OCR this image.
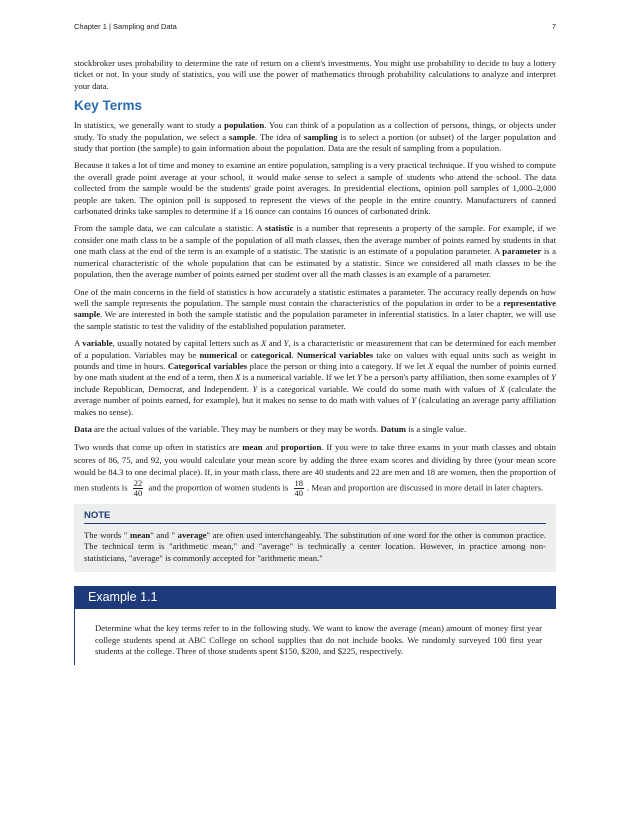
Chapter 1 | Sampling and Data	7

stockbroker uses probability to determine the rate of return on a client's investments. You might use probability to decide to buy a lottery ticket or not. In your study of statistics, you will use the power of mathematics through probability calculations to analyze and interpret your data.

Key Terms

In statistics, we generally want to study a population. You can think of a population as a collection of persons, things, or objects under study. To study the population, we select a sample. The idea of sampling is to select a portion (or subset) of the larger population and study that portion (the sample) to gain information about the population. Data are the result of sampling from a population.

Because it takes a lot of time and money to examine an entire population, sampling is a very practical technique. If you wished to compute the overall grade point average at your school, it would make sense to select a sample of students who attend the school. The data collected from the sample would be the students' grade point averages. In presidential elections, opinion poll samples of 1,000–2,000 people are taken. The opinion poll is supposed to represent the views of the people in the entire country. Manufacturers of canned carbonated drinks take samples to determine if a 16 ounce can contains 16 ounces of carbonated drink.

From the sample data, we can calculate a statistic. A statistic is a number that represents a property of the sample. For example, if we consider one math class to be a sample of the population of all math classes, then the average number of points earned by students in that one math class at the end of the term is an example of a statistic. The statistic is an estimate of a population parameter. A parameter is a numerical characteristic of the whole population that can be estimated by a statistic. Since we considered all math classes to be the population, then the average number of points earned per student over all the math classes is an example of a parameter.

One of the main concerns in the field of statistics is how accurately a statistic estimates a parameter. The accuracy really depends on how well the sample represents the population. The sample must contain the characteristics of the population in order to be a representative sample. We are interested in both the sample statistic and the population parameter in inferential statistics. In a later chapter, we will use the sample statistic to test the validity of the established population parameter.

A variable, usually notated by capital letters such as X and Y, is a characteristic or measurement that can be determined for each member of a population. Variables may be numerical or categorical. Numerical variables take on values with equal units such as weight in pounds and time in hours. Categorical variables place the person or thing into a category. If we let X equal the number of points earned by one math student at the end of a term, then X is a numerical variable. If we let Y be a person's party affiliation, then some examples of Y include Republican, Democrat, and Independent. Y is a categorical variable. We could do some math with values of X (calculate the average number of points earned, for example), but it makes no sense to do math with values of Y (calculating an average party affiliation makes no sense).

Data are the actual values of the variable. They may be numbers or they may be words. Datum is a single value.

Two words that come up often in statistics are mean and proportion. If you were to take three exams in your math classes and obtain scores of 86, 75, and 92, you would calculate your mean score by adding the three exam scores and dividing by three (your mean score would be 84.3 to one decimal place). If, in your math class, there are 40 students and 22 are men and 18 are women, then the proportion of men students is $\frac{22}{40}$ and the proportion of women students is $\frac{18}{40}$ . Mean and proportion are discussed in more detail in later chapters.

NOTE

The words " mean" and " average" are often used interchangeably. The substitution of one word for the other is common practice. The technical term is "arithmetic mean," and "average" is technically a center location. However, in practice among non-statisticians, "average" is commonly accepted for "arithmetic mean."

Example 1.1

Determine what the key terms refer to in the following study. We want to know the average (mean) amount of money first year college students spend at ABC College on school supplies that do not include books. We randomly surveyed 100 first year students at the college. Three of those students spent $150, $200, and $225, respectively.
